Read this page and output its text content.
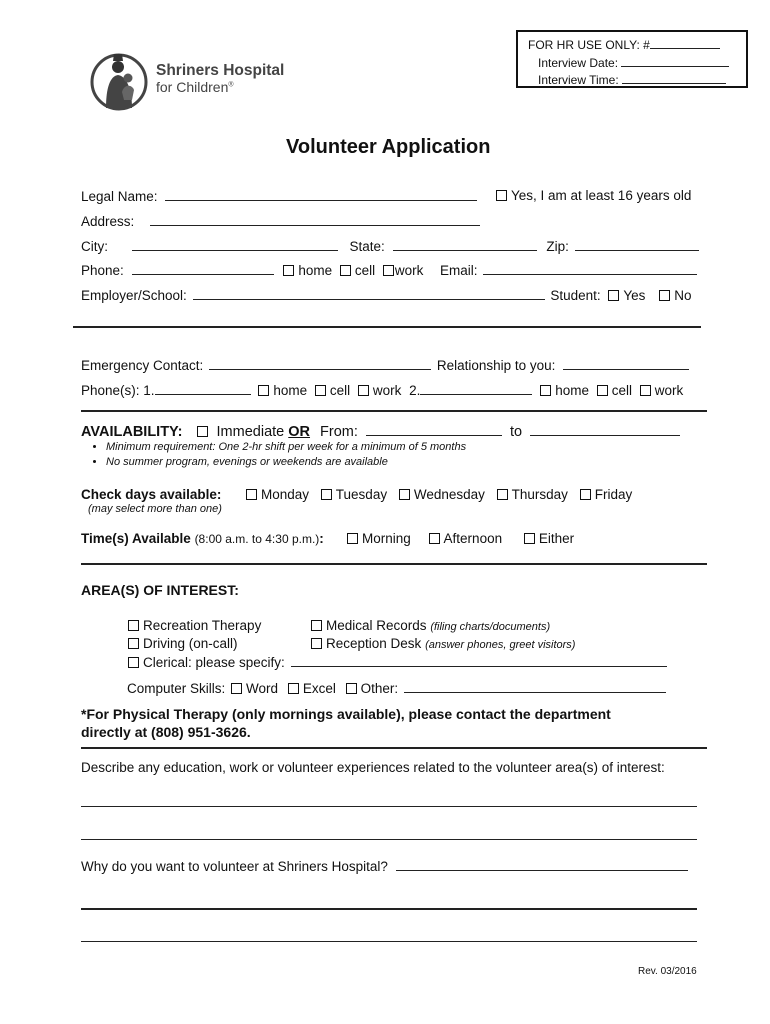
FOR HR USE ONLY: #
Interview Date:
Interview Time:
Shriners Hospital
for Children®
Volunteer Application
Legal Name:	Yes, I am at least 16 years old
Address:
City:	State:	Zip:
Phone:	home cell work Email:
Employer/School:	Student: Yes No
Emergency Contact:	Relationship to you:
Phone(s): 1.	home cell work 2.	home cell work
AVAILABILITY: Immediate OR From:	to
• Minimum requirement: One 2-hr shift per week for a minimum of 5 months
• No summer program, evenings or weekends are available
Check days available:
(may select more than one)
Monday Tuesday Wednesday Thursday Friday
Time(s) Available (8:00 a.m. to 4:30 p.m.):	Morning Afternoon	Either
AREA(S) OF INTEREST:
Recreation Therapy
Driving (on-call)
Clerical: please specify:
Medical Records (filing charts/documents)
Reception Desk (answer phones, greet visitors)
Computer Skills: Word Excel Other:
*For Physical Therapy (only mornings available), please contact the department
directly at (808) 951-3626.
Describe any education, work or volunteer experiences related to the volunteer area(s) of interest:
Why do you want to volunteer at Shriners Hospital?
Rev. 03/2016
